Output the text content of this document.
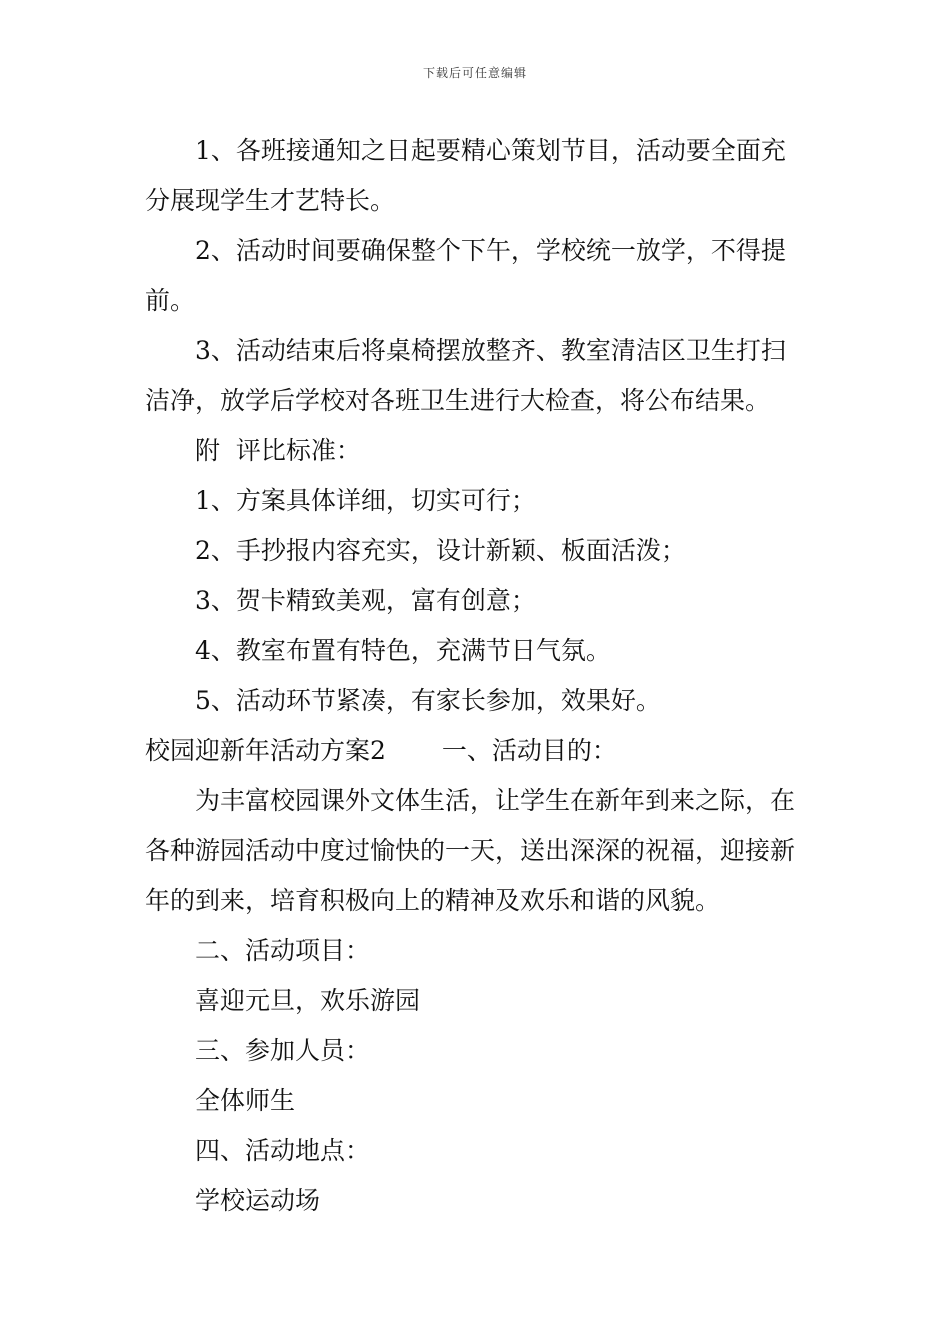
下载后可任意编辑

1、各班接通知之日起要精心策划节目，活动要全面充分展现学生才艺特长。

2、活动时间要确保整个下午，学校统一放学，不得提前。

3、活动结束后将桌椅摆放整齐、教室清洁区卫生打扫洁净，放学后学校对各班卫生进行大检查，将公布结果。

附  评比标准：

1、方案具体详细，切实可行；

2、手抄报内容充实，设计新颖、板面活泼；

3、贺卡精致美观，富有创意；

4、教室布置有特色，充满节日气氛。

5、活动环节紧凑，有家长参加，效果好。

校园迎新年活动方案2 一、活动目的：

为丰富校园课外文体生活，让学生在新年到来之际，在各种游园活动中度过愉快的一天，送出深深的祝福，迎接新年的到来，培育积极向上的精神及欢乐和谐的风貌。

二、活动项目：

喜迎元旦，欢乐游园

三、参加人员：

全体师生

四、活动地点：

学校运动场
